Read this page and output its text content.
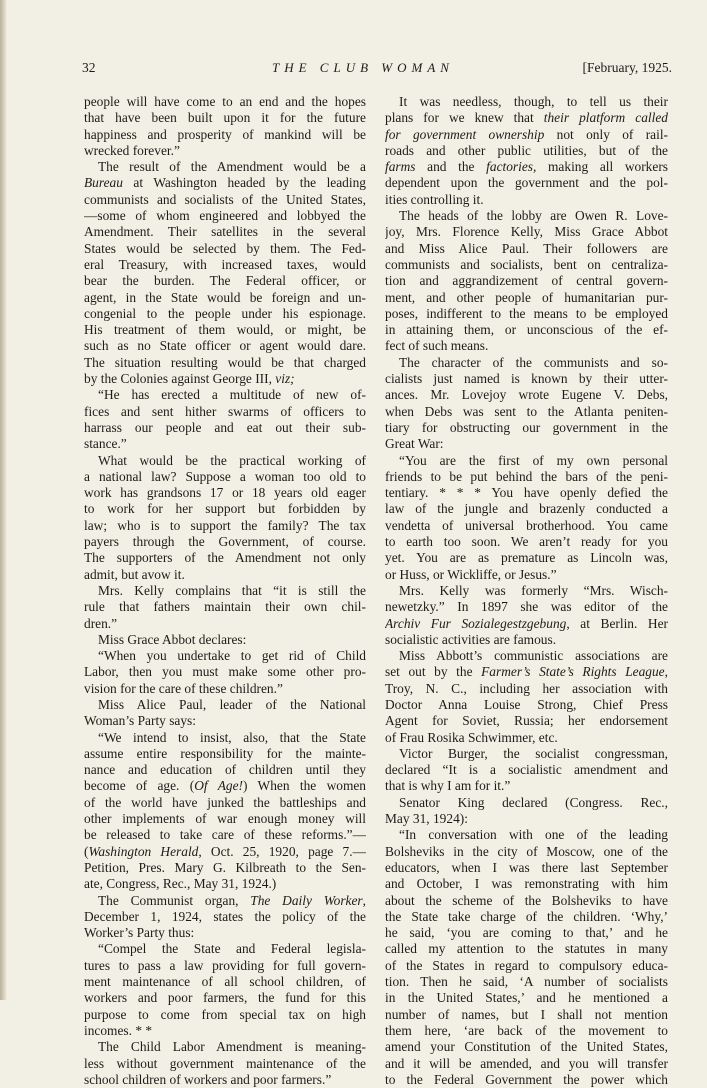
32	THE CLUB WOMAN	[February, 1925.
people will have come to an end and the hopes
that have been built upon it for the future
happiness and prosperity of mankind will be
wrecked forever.”
The result of the Amendment would be a
Bureau at Washington headed by the leading
communists and socialists of the United States,
—some of whom engineered and lobbyed the
Amendment. Their satellites in the several
States would be selected by them. The Fed-
eral Treasury, with increased taxes, would
bear the burden. The Federal officer, or
agent, in the State would be foreign and un-
congenial to the people under his espionage.
His treatment of them would, or might, be
such as no State officer or agent would dare.
The situation resulting would be that charged
by the Colonies against George III, viz;
“He has erected a multitude of new of-
fices and sent hither swarms of officers to
harrass our people and eat out their sub-
stance.”
What would be the practical working of
a national law? Suppose a woman too old to
work has grandsons 17 or 18 years old eager
to work for her support but forbidden by
law; who is to support the family? The tax
payers through the Government, of course.
The supporters of the Amendment not only
admit, but avow it.
Mrs. Kelly complains that “it is still the
rule that fathers maintain their own chil-
dren.”
Miss Grace Abbot declares:
“When you undertake to get rid of Child
Labor, then you must make some other pro-
vision for the care of these children.”
Miss Alice Paul, leader of the National
Woman’s Party says:
“We intend to insist, also, that the State
assume entire responsibility for the mainte-
nance and education of children until they
become of age. (Of Age!) When the women
of the world have junked the battleships and
other implements of war enough money will
be released to take care of these reforms.”—
(Washington Herald, Oct. 25, 1920, page 7.—
Petition, Pres. Mary G. Kilbreath to the Sen-
ate, Congress, Rec., May 31, 1924.)
The Communist organ, The Daily Worker,
December 1, 1924, states the policy of the
Worker’s Party thus:
“Compel the State and Federal legisla-
tures to pass a law providing for full govern-
ment maintenance of all school children, of
workers and poor farmers, the fund for this
purpose to come from special tax on high
incomes. * *
The Child Labor Amendment is meaning-
less without government maintenance of the
school children of workers and poor farmers.”
It was needless, though, to tell us their
plans for we knew that their platform called
for government ownership not only of rail-
roads and other public utilities, but of the
farms and the factories, making all workers
dependent upon the government and the pol-
ities controlling it.
The heads of the lobby are Owen R. Love-
joy, Mrs. Florence Kelly, Miss Grace Abbot
and Miss Alice Paul. Their followers are
communists and socialists, bent on centraliza-
tion and aggrandizement of central govern-
ment, and other people of humanitarian pur-
poses, indifferent to the means to be employed
in attaining them, or unconscious of the ef-
fect of such means.
The character of the communists and so-
cialists just named is known by their utter-
ances. Mr. Lovejoy wrote Eugene V. Debs,
when Debs was sent to the Atlanta peniten-
tiary for obstructing our government in the
Great War:
“You are the first of my own personal
friends to be put behind the bars of the peni-
tentiary. * * * You have openly defied the
law of the jungle and brazenly conducted a
vendetta of universal brotherhood. You came
to earth too soon. We aren’t ready for you
yet. You are as premature as Lincoln was,
or Huss, or Wickliffe, or Jesus.”
Mrs. Kelly was formerly “Mrs. Wisch-
newetzky.” In 1897 she was editor of the
Archiv Fur Sozialegestzgebung, at Berlin. Her
socialistic activities are famous.
Miss Abbott’s communistic associations are
set out by the Farmer’s State’s Rights League,
Troy, N. C., including her association with
Doctor Anna Louise Strong, Chief Press
Agent for Soviet, Russia; her endorsement
of Frau Rosika Schwimmer, etc.
Victor Burger, the socialist congressman,
declared “It is a socialistic amendment and
that is why I am for it.”
Senator King declared (Congress. Rec.,
May 31, 1924):
“In conversation with one of the leading
Bolsheviks in the city of Moscow, one of the
educators, when I was there last September
and October, I was remonstrating with him
about the scheme of the Bolsheviks to have
the State take charge of the children. ‘Why,’
he said, ‘you are coming to that,’ and he
called my attention to the statutes in many
of the States in regard to compulsory educa-
tion. Then he said, ‘A number of socialists
in the United States,’ and he mentioned a
number of names, but I shall not mention
them here, ‘are back of the movement to
amend your Constitution of the United States,
and it will be amended, and you will transfer
to the Federal Government the power which
